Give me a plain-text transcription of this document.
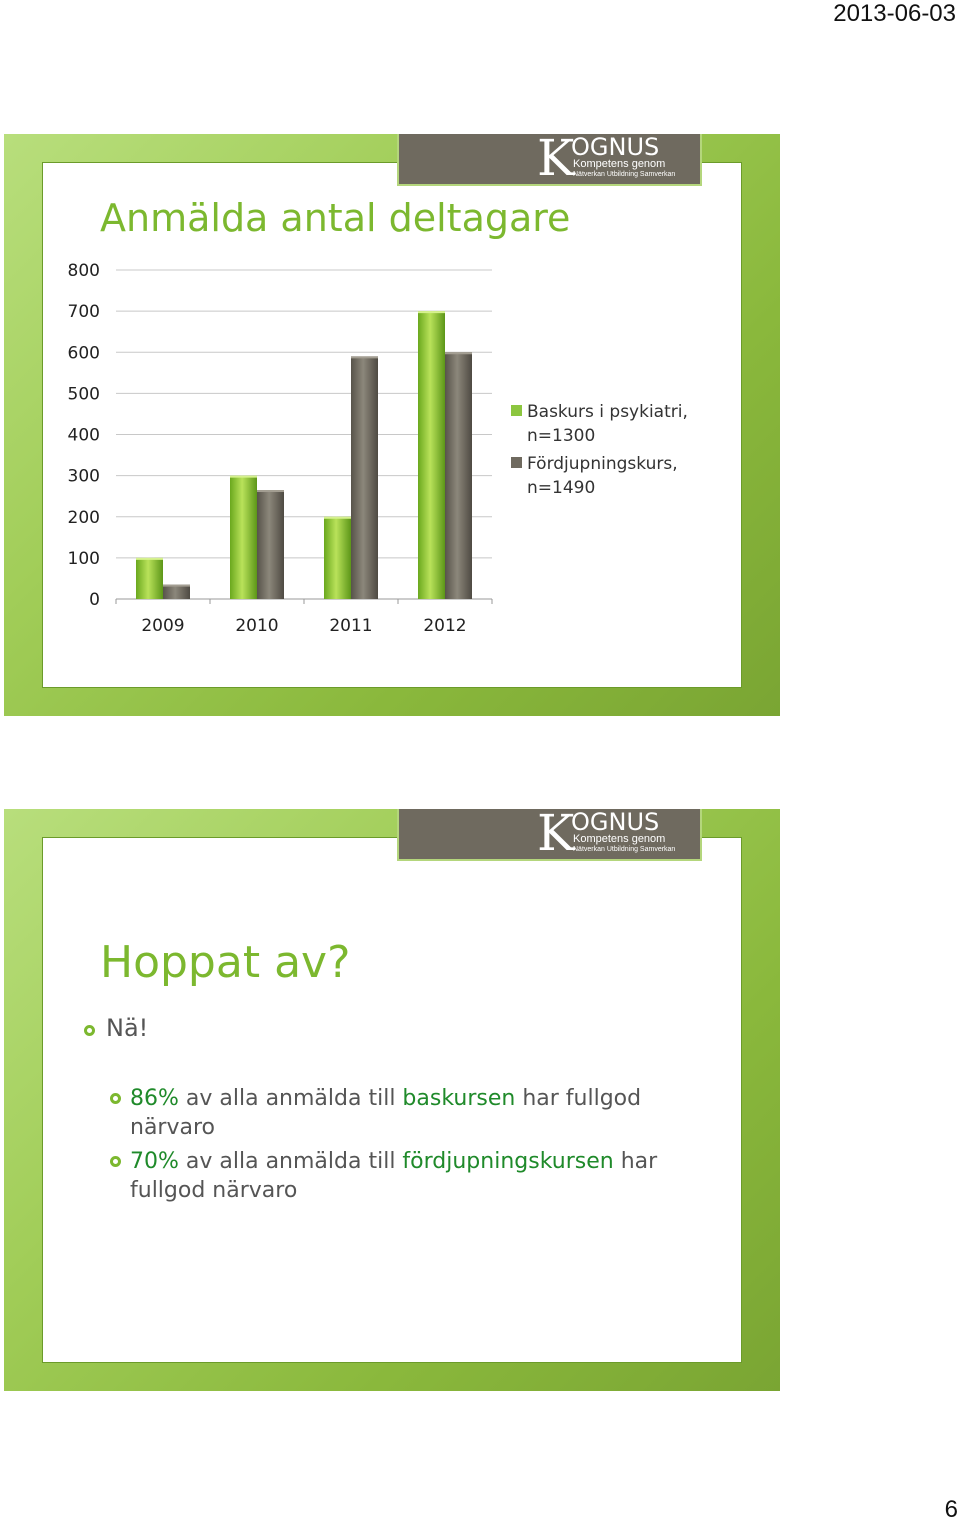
2013-06-03
K
OGNUS
Kompetens genom
Nätverkan Utbildning Samverkan
Anmälda antal deltagare
0
100
200
300
400
500
600
700
800
2009	2010	2011	2012
Baskurs i psykiatri,
n=1300
Fördjupningskurs,
n=1490
K
OGNUS
Kompetens genom
Nätverkan Utbildning Samverkan
Hoppat av?
Nä!
86% av alla anmälda till baskursen har fullgod närvaro
70% av alla anmälda till fördjupningskursen har fullgod närvaro
6
